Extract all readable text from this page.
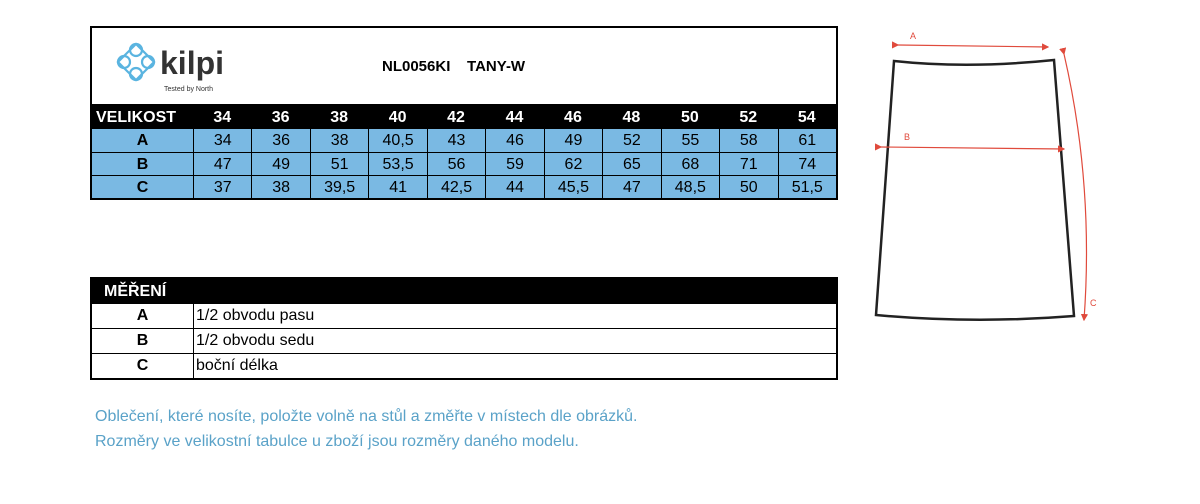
kilpi
Tested by North
NL0056KI TANY-W
VELIKOST	34	36	38	40	42	44	46	48	50	52	54
A	34	36	38	40,5	43	46	49	52	55	58	61
B	47	49	51	53,5	56	59	62	65	68	71	74
C	37	38	39,5	41	42,5	44	45,5	47	48,5	50	51,5
MĚŘENÍ
A	1/2 obvodu pasu
B	1/2 obvodu sedu
C	boční délka
Oblečení, které nosíte, položte volně na stůl a změřte v místech dle obrázků.
Rozměry ve velikostní tabulce u zboží jsou rozměry daného modelu.
A
B
C
